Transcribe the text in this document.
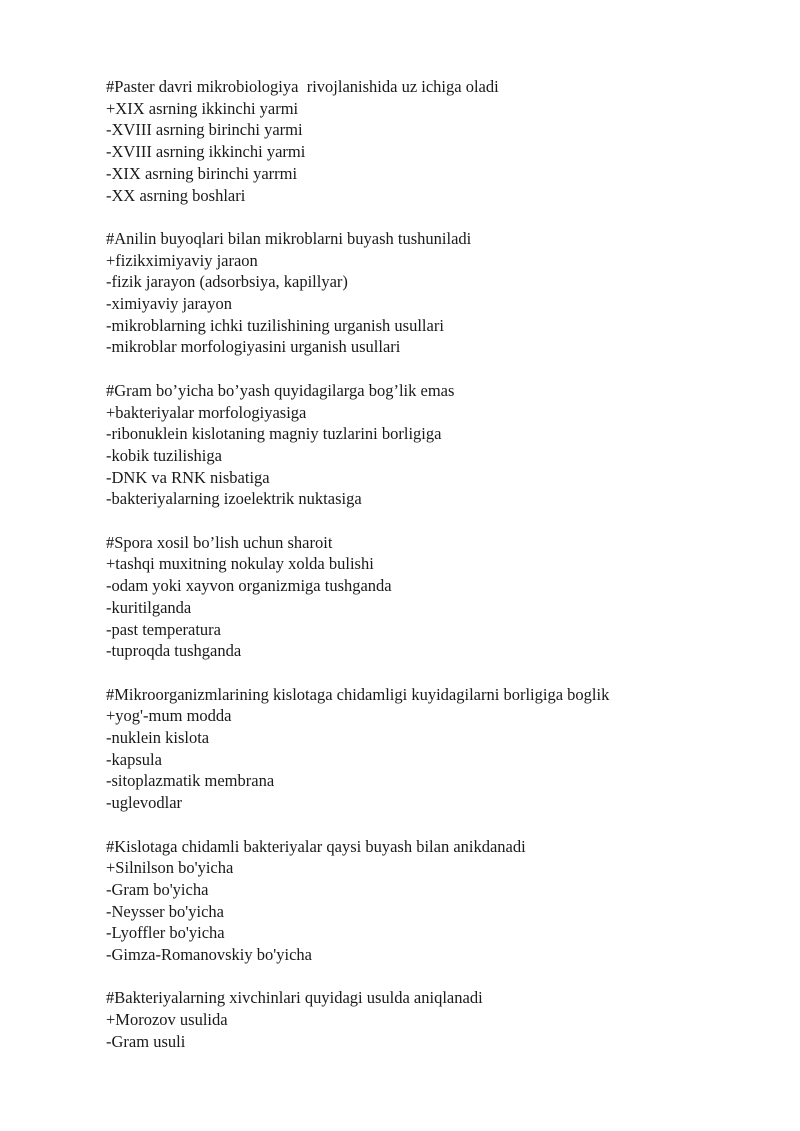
#Paster davri mikrobiologiya  rivojlanishida uz ichiga oladi
+XIX asrning ikkinchi yarmi
-XVIII asrning birinchi yarmi
-XVIII asrning ikkinchi yarmi
-XIX asrning birinchi yarrmi
-XX asrning boshlari
#Anilin buyoqlari bilan mikroblarni buyash tushuniladi
+fizikximiyaviy jaraon
-fizik jarayon (adsorbsiya, kapillyar)
-ximiyaviy jarayon
-mikroblarning ichki tuzilishining urganish usullari
-mikroblar morfologiyasini urganish usullari
#Gram bo’yicha bo’yash quyidagilarga bog’lik emas
+bakteriyalar morfologiyasiga
-ribonuklein kislotaning magniy tuzlarini borligiga
-kobik tuzilishiga
-DNK va RNK nisbatiga
-bakteriyalarning izoelektrik nuktasiga
#Spora xosil bo’lish uchun sharoit
+tashqi muxitning nokulay xolda bulishi
-odam yoki xayvon organizmiga tushganda
-kuritilganda
-past temperatura
-tuproqda tushganda
#Mikroorganizmlarining kislotaga chidamligi kuyidagilarni borligiga boglik
+yog'-mum modda
-nuklein kislota
-kapsula
-sitoplazmatik membrana
-uglevodlar
#Kislotaga chidamli bakteriyalar qaysi buyash bilan anikdanadi
+Silnilson bo'yicha
-Gram bo'yicha
-Neysser bo'yicha
-Lyoffler bo'yicha
-Gimza-Romanovskiy bo'yicha
#Bakteriyalarning xivchinlari quyidagi usulda aniqlanadi
+Morozov usulida
-Gram usuli
